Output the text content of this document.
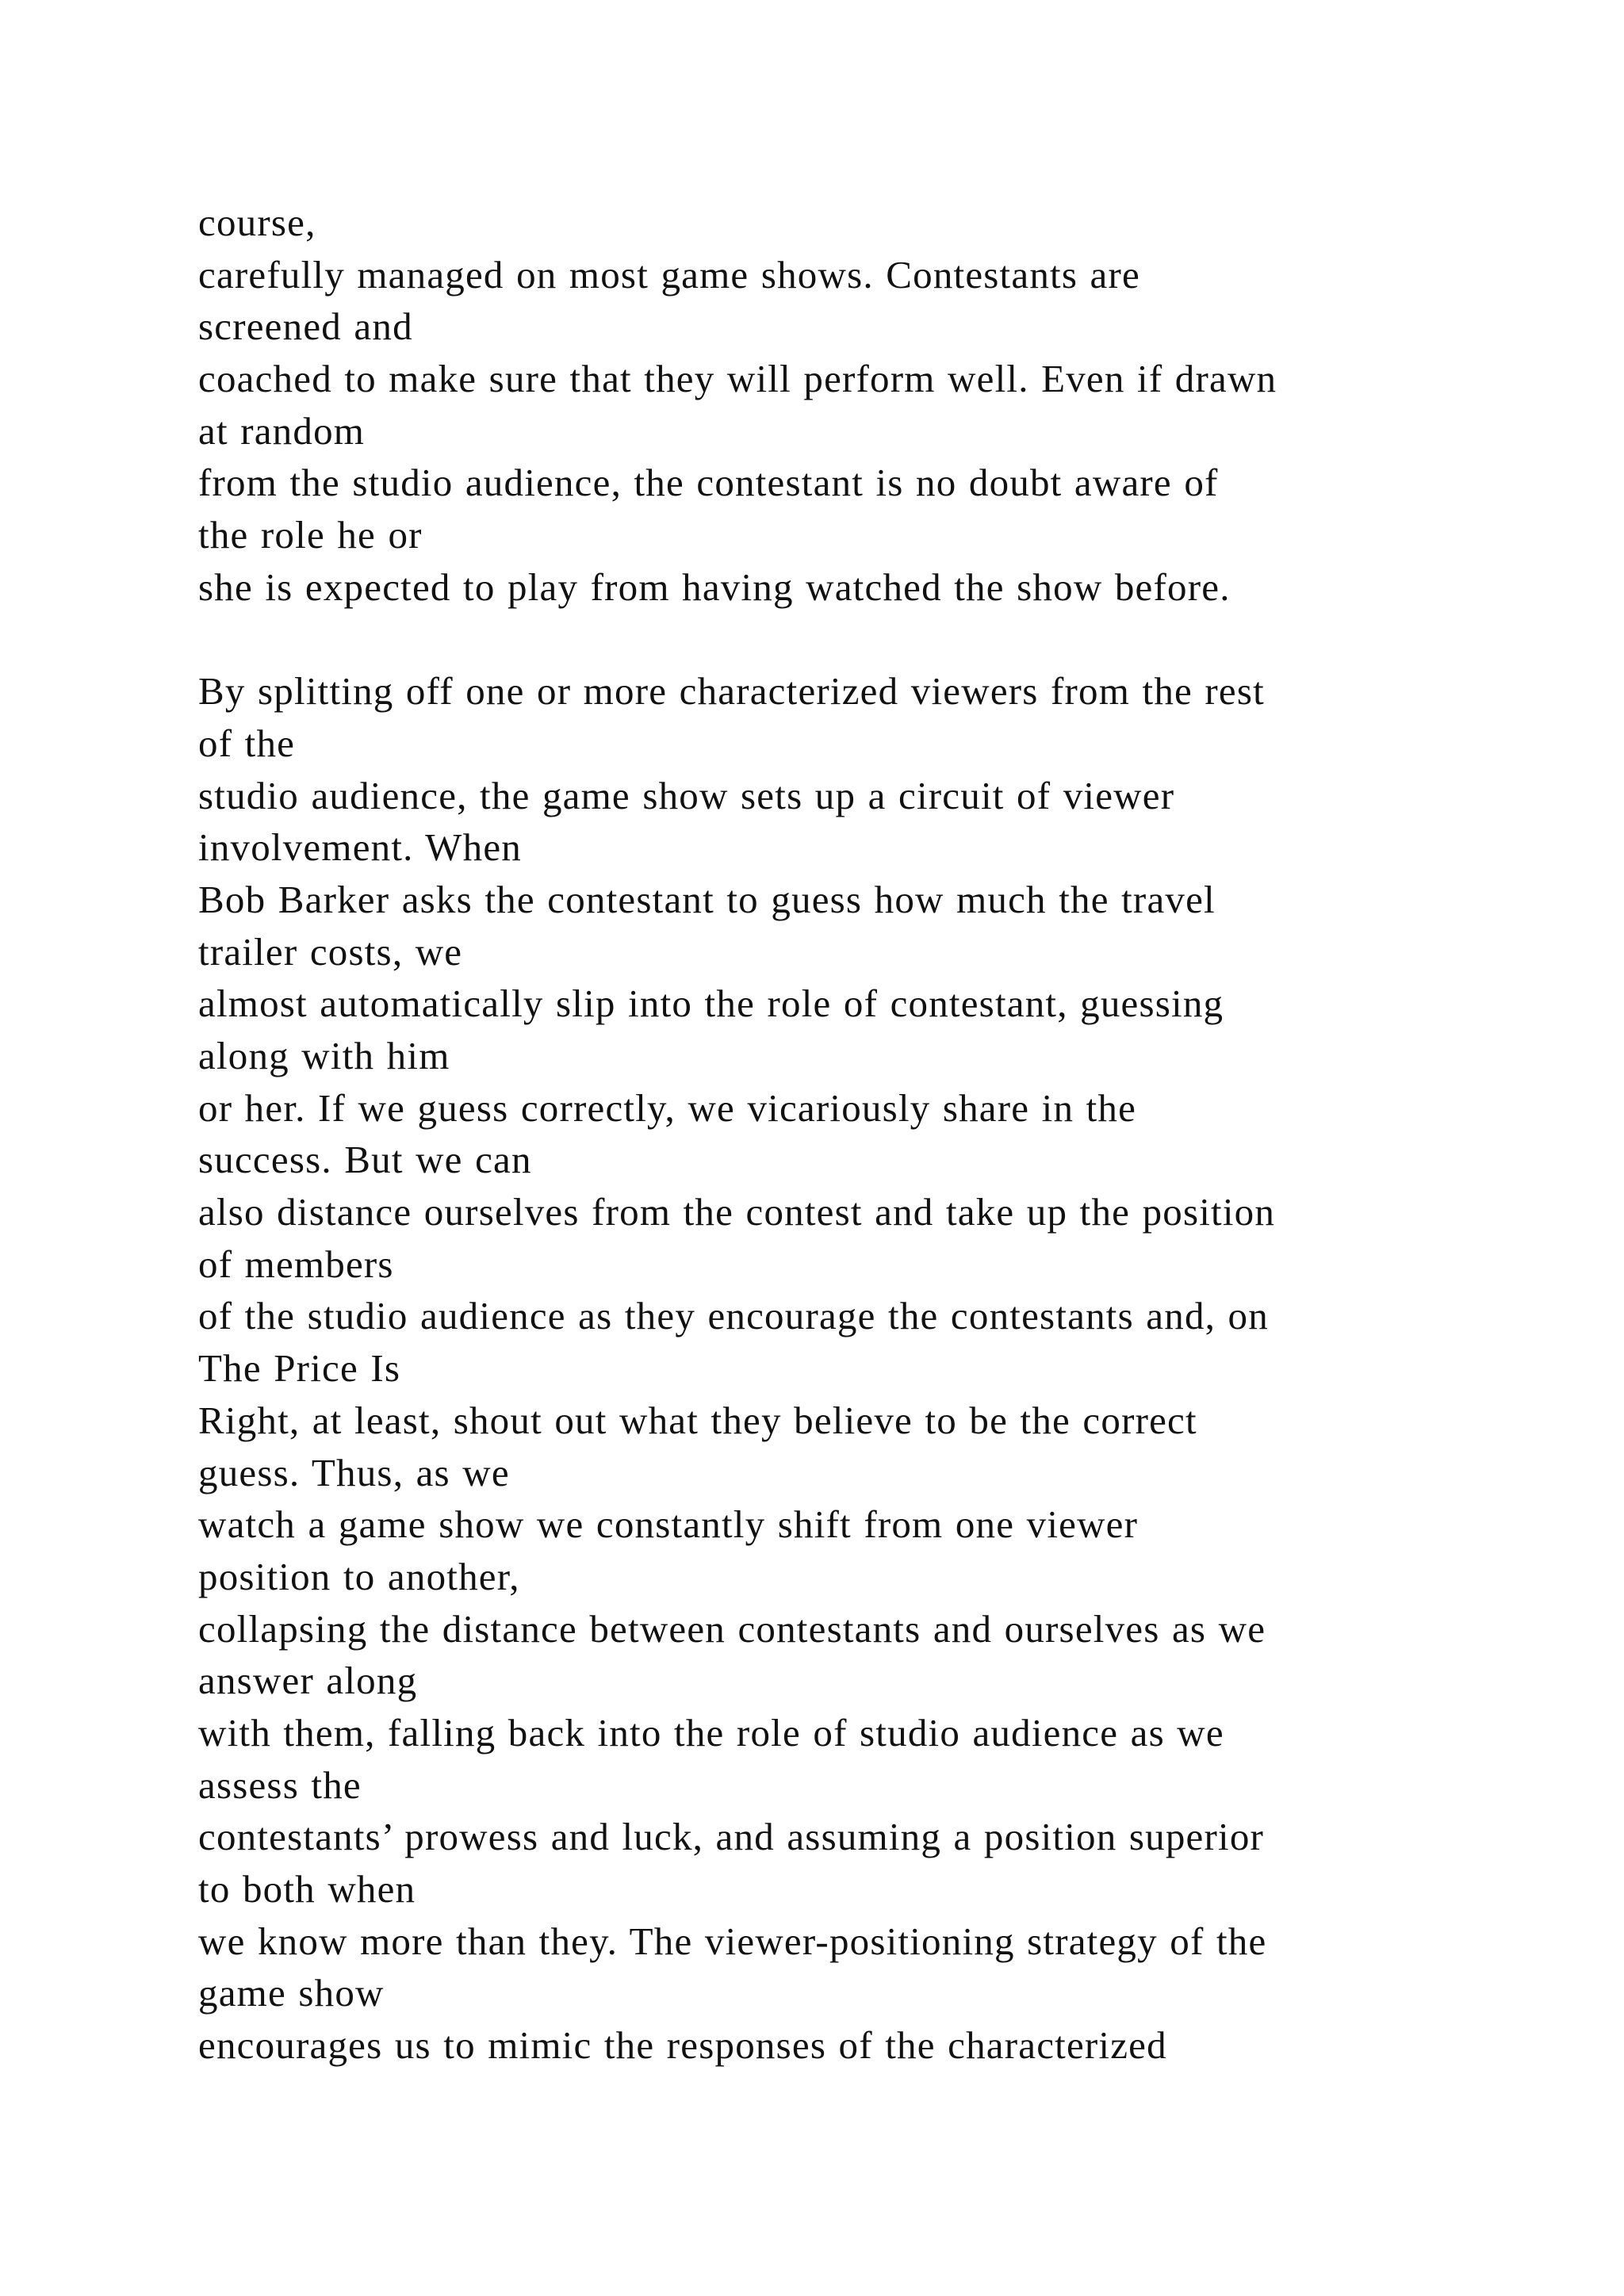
course,
carefully managed on most game shows. Contestants are
screened and
coached to make sure that they will perform well. Even if drawn
at random
from the studio audience, the contestant is no doubt aware of
the role he or
she is expected to play from having watched the show before.
By splitting off one or more characterized viewers from the rest
of the
studio audience, the game show sets up a circuit of viewer
involvement. When
Bob Barker asks the contestant to guess how much the travel
trailer costs, we
almost automatically slip into the role of contestant, guessing
along with him
or her. If we guess correctly, we vicariously share in the
success. But we can
also distance ourselves from the contest and take up the position
of members
of the studio audience as they encourage the contestants and, on
The Price Is
Right, at least, shout out what they believe to be the correct
guess. Thus, as we
watch a game show we constantly shift from one viewer
position to another,
collapsing the distance between contestants and ourselves as we
answer along
with them, falling back into the role of studio audience as we
assess the
contestants’ prowess and luck, and assuming a position superior
to both when
we know more than they. The viewer-positioning strategy of the
game show
encourages us to mimic the responses of the characterized
